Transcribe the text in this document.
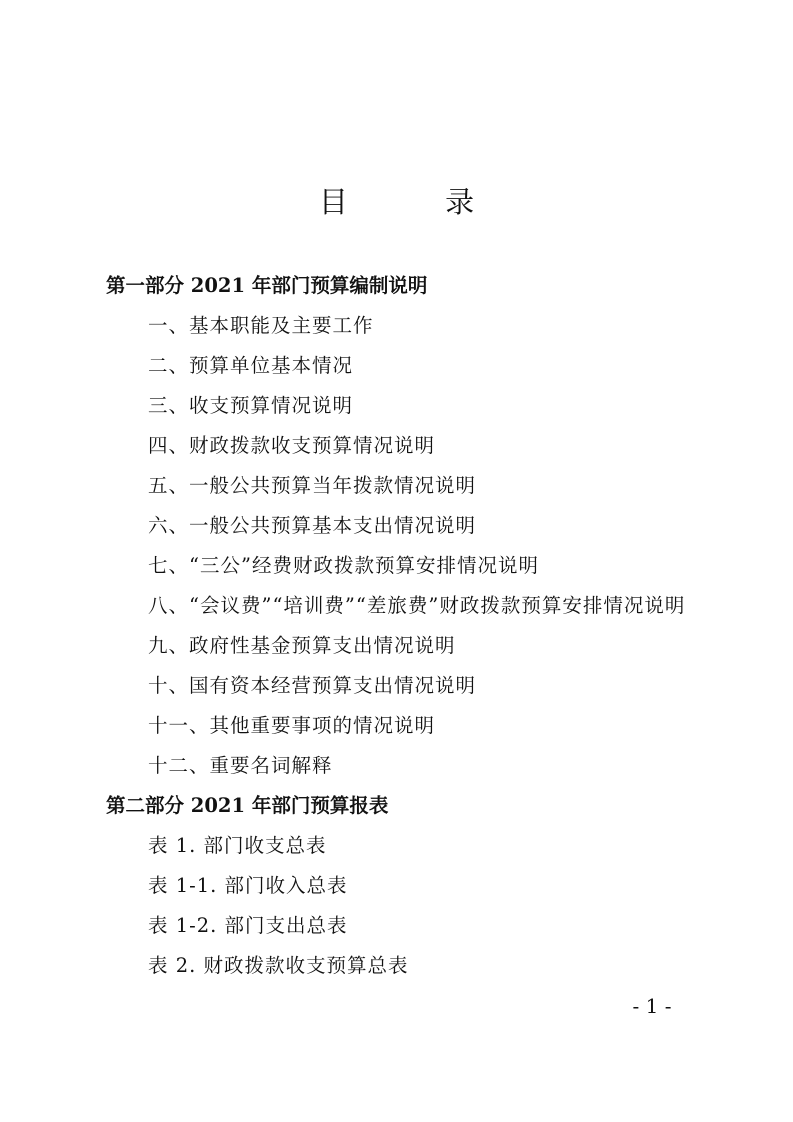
目 录
第一部分 2021 年部门预算编制说明
一、基本职能及主要工作
二、预算单位基本情况
三、收支预算情况说明
四、财政拨款收支预算情况说明
五、一般公共预算当年拨款情况说明
六、一般公共预算基本支出情况说明
七、“三公”经费财政拨款预算安排情况说明
八、“会议费”“培训费”“差旅费”财政拨款预算安排情况说明
九、政府性基金预算支出情况说明
十、国有资本经营预算支出情况说明
十一、其他重要事项的情况说明
十二、重要名词解释
第二部分 2021 年部门预算报表
表 1. 部门收支总表
表 1-1. 部门收入总表
表 1-2. 部门支出总表
表 2. 财政拨款收支预算总表
- 1 -
